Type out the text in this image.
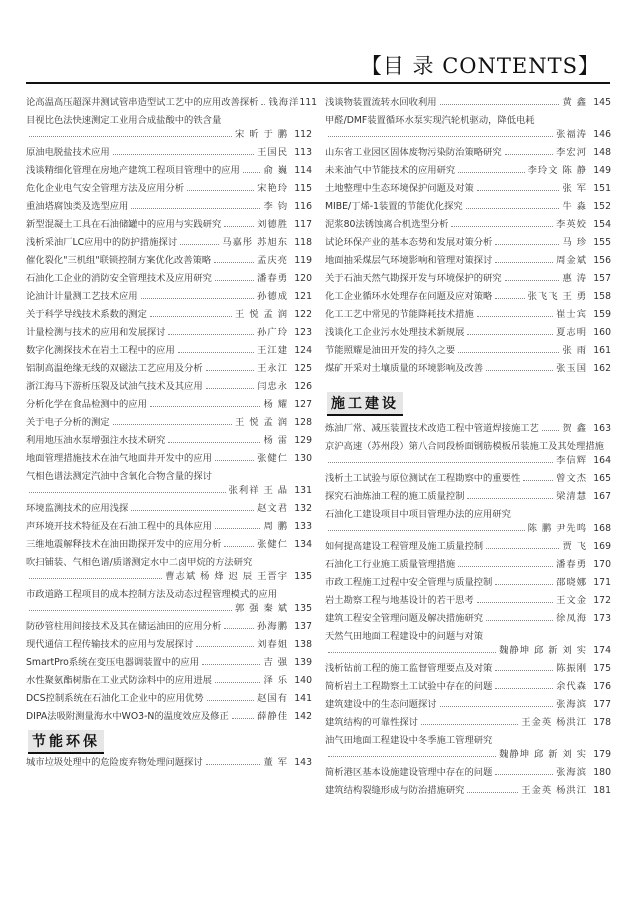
【目 录 CONTENTS】
论高温高压超深井测试管串造型试工艺中的应用改善探析 钱海洋 111
目视比色法快速测定工业用合成盐酸中的铁含量
宋 昕 于 鹏 112
原油电脱盐技术应用	王国民 113
浅谈精细化管理在房地产建筑工程项目管理中的应用	俞 巍 114
危化企业电气安全管理方法及应用分析	宋艳玲 115
重油塔腐蚀类及选型应用	李 钧 116
新型混凝土工具在石油储罐中的应用与实践研究	刘德胜 117
浅析采油厂LC应用中的防护措施探讨	马嘉彤 苏旭东 118
催化裂化"三机组"联锁控制方案优化改善策略	孟庆亮 119
石油化工企业的消防安全管理技术及应用研究	潘春勇 120
论油计计量测工艺技术应用	孙德成 121
关于科学导线技术系数的测定	王 悦 孟 润 122
计量检测与技术的应用和发展探讨	孙广玲 123
数字化测探技术在岩土工程中的应用	王江建 124
铝制高温绝缘无线的双磁法工艺应用及分析	王永江 125
浙江海马下游析压裂及试油气技术及其应用	闫忠永 126
分析化学在食品检测中的应用	杨 耀 127
关于电子分析的测定	王 悦 孟 润 128
利用地压油水泵增强注水技术研究	杨 雷 129
地面管理措施技术在油气地面井开发中的应用	张健仁 130
气相色谱法测定汽油中含氧化合物含量的探讨
张利祥 王 晶 131
环境监测技术的应用浅探	赵文君 132
声环境开技术特征及在石油工程中的具体应用	周 鹏 133
三维地震解释技术在油田勘探开发中的应用分析	张健仁 134
吹扫铺装、气相色谱/质谱测定水中二卤甲烷的方法研究
曹志斌 杨 烽 迟 辰 王晋宇 135
市政道路工程项目的成本控制方法及动态过程管理模式的应用
郭 强 秦 斌 135
防砂管柱用间接技术及其在储运油田的应用分析	孙海鹏 137
现代通信工程传输技术的应用与发展探讨	刘春姐 138
SmartPro系统在变压电器调装置中的应用	吉 强 139
水性聚氨酯树脂在工业式防涂料中的应用进展	泽 乐 140
DCS控制系统在石油化工企业中的应用优势	赵国有 141
DIPA法吸附测量海水中WO3-N的温度效应及修正	薛静佳 142
节能环保
城市垃圾处理中的危险废弃物处理问题探讨	董 军 143
浅谈物装置流转水回收利用	黄 鑫 145
甲醛/DMF装置循环水泵实现汽轮机驱动，降低电耗
张福涛 146
山东省工业园区固体废物污染防治策略研究	李宏河 148
未来油气中节能技术的应用研究	李玲文 陈 静 149
土地整理中生态环境保护问题及对策	张 军 151
MIBE/丁烯-1装置的节能优化探究	牛 淼 152
泥浆80法锈蚀离合机选型分析	李英姣 154
试论环保产业的基本态势和发展对策分析	马 珍 155
地面抽采煤层气环境影响和管理对策探讨	周金斌 156
关于石油天然气勘探开发与环境保护的研究	惠 涛 157
化工企业循环水处理存在问题及应对策略	张飞飞 王 勇 158
化工工艺中常见的节能降耗技术措施	崔士宾 159
浅谈化工企业污水处理技术新规展	夏志明 160
节能照耀是油田开发的持久之要	张 雨 161
煤矿开采对土壤质量的环境影响及改善	张玉国 162
施工建设
炼油厂常、减压装置技术改造工程中管道焊接施工艺	贺 鑫 163
京沪高速（苏州段）第八合同段桥面钢筋模板吊装施工及其处理措施
李信辉 164
浅析土工试验与原位测试在工程勘察中的重要性	曾文杰 165
探究石油炼油工程的施工质量控制	梁清慧 167
石油化工建设项目中项目管理办法的应用研究
陈 鹏 尹先鸣 168
如何提高建设工程管理及施工质量控制	贾 飞 169
石油化工行业施工质量管理措施	潘春勇 170
市政工程施工过程中安全管理与质量控制	邵晓娜 171
岩土勘察工程与地基设计的若干思考	王文金 172
建筑工程安全管理问题及解决措施研究	徐凤海 173
天然气田地面工程建设中的问题与对策
魏静坤 邱 新 刘 实 174
浅析钻前工程的施工监督管理要点及对策	陈振刚 175
简析岩土工程勘察土工试验中存在的问题	余代森 176
建筑建设中的生态问题探讨	张海滨 177
建筑结构的可靠性探讨	王金英 杨洪江 178
油气田地面工程建设中冬季施工管理研究
魏静坤 邱 新 刘 实 179
简析港区基本设施建设管理中存在的问题	张海滨 180
建筑结构裂缝形成与防治措施研究	王金英 杨洪江 181
